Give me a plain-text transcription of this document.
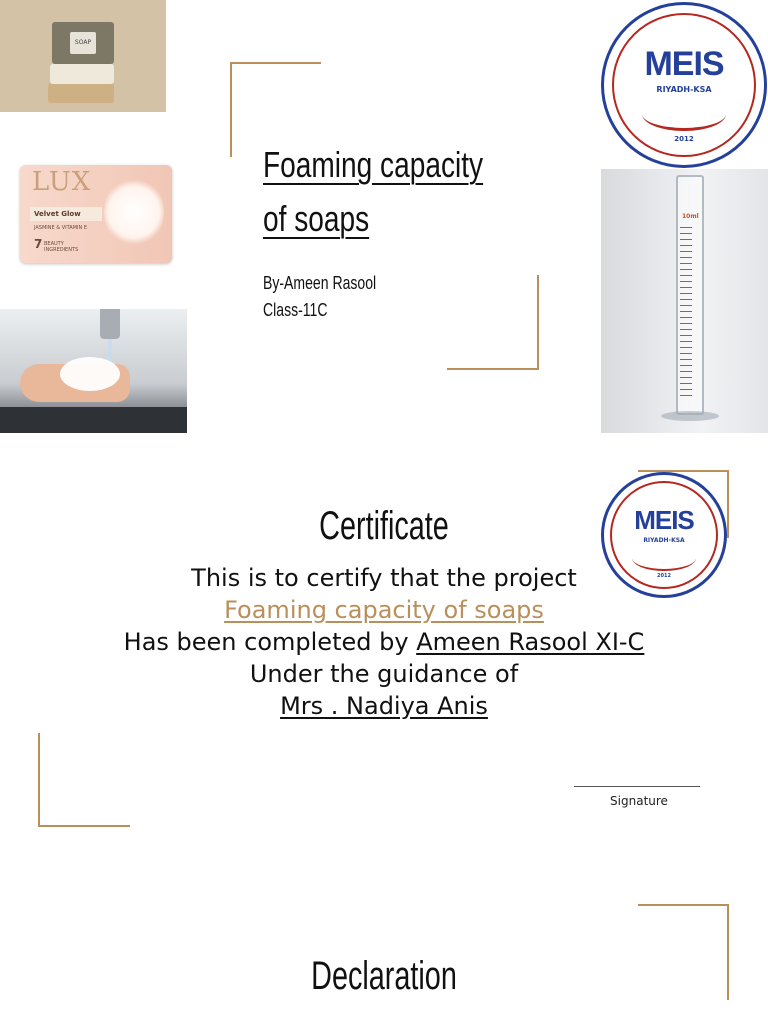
SOAP
LUX
Velvet Glow
JASMINE & VITAMIN E
7 BEAUTY INGREDIENTS
MEIS
RIYADH-KSA
2012
10ml
Foaming capacity
of soaps
By-Ameen Rasool
Class-11C
MEIS
RIYADH-KSA
2012
Certificate
This is to certify that the project
Foaming capacity of soaps
Has been completed by Ameen Rasool XI-C
Under the guidance of
Mrs . Nadiya Anis
Signature
Declaration
